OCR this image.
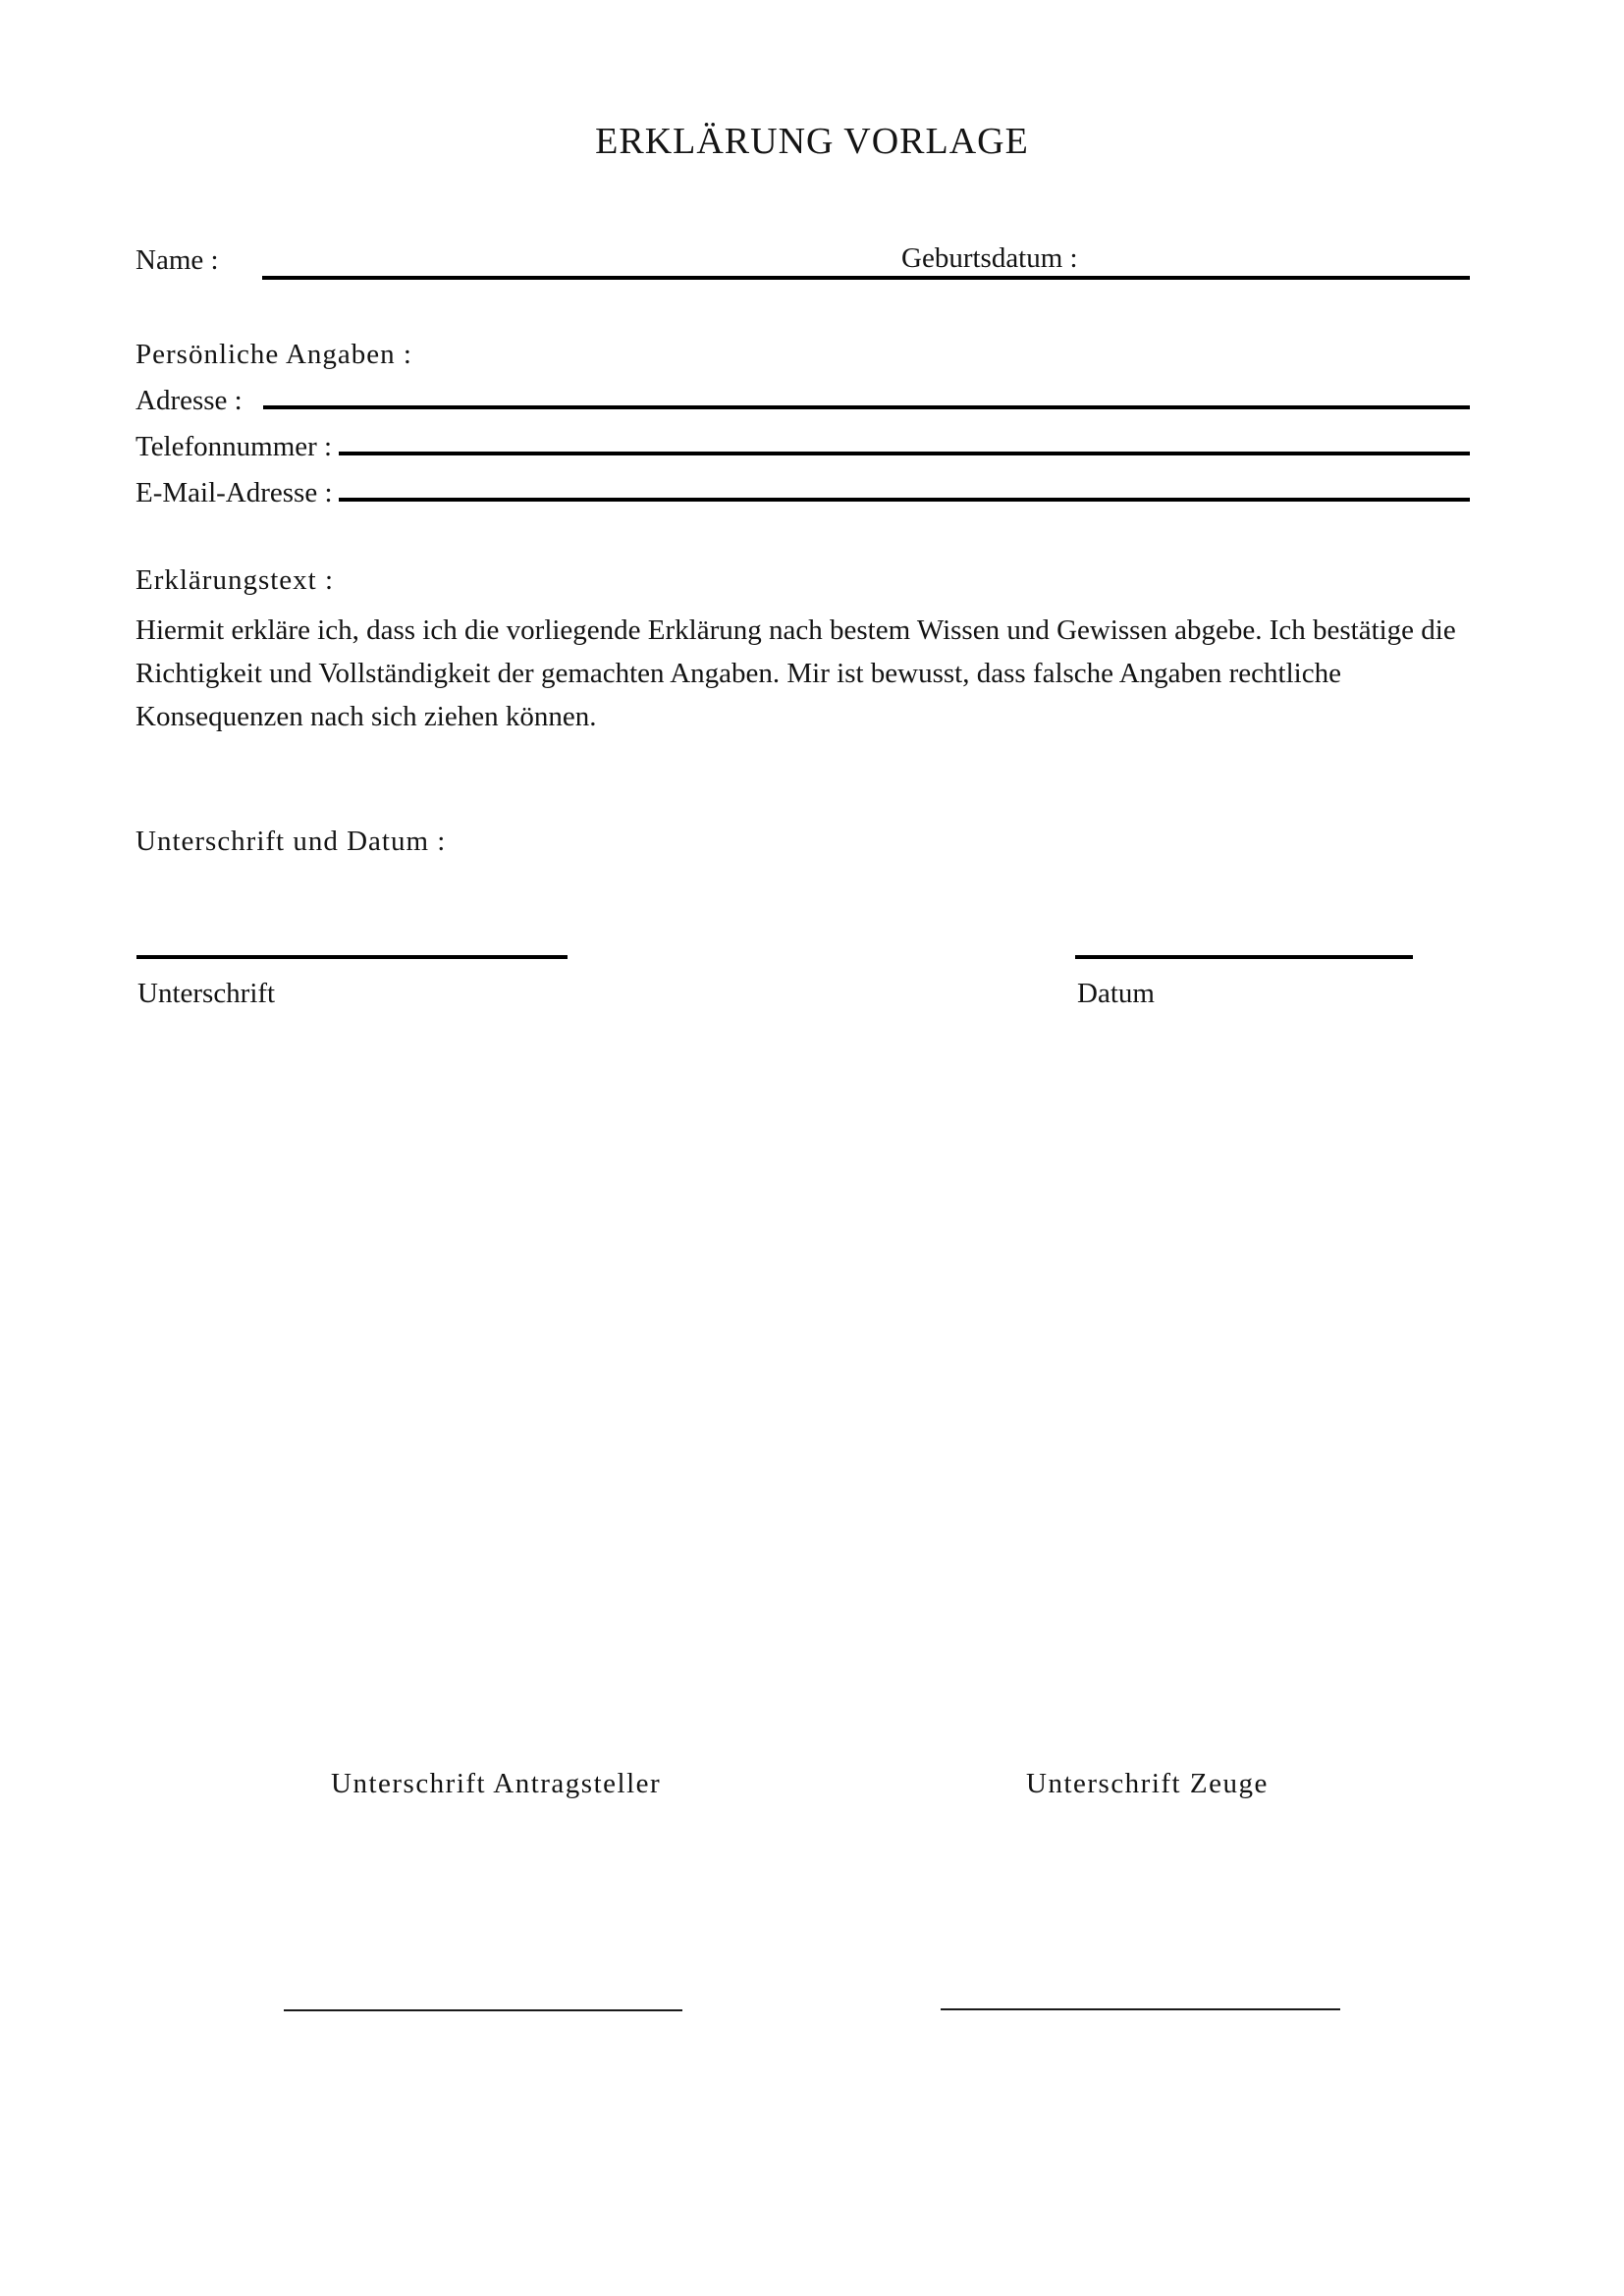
ERKLÄRUNG VORLAGE
Name :	Geburtsdatum :
Persönliche Angaben :
Adresse :
Telefonnummer :
E-Mail-Adresse :
Erklärungstext :
Hiermit erkläre ich, dass ich die vorliegende Erklärung nach bestem Wissen und Gewissen abgebe. Ich bestätige die
Richtigkeit und Vollständigkeit der gemachten Angaben. Mir ist bewusst, dass falsche Angaben rechtliche
Konsequenzen nach sich ziehen können.
Unterschrift und Datum :
Unterschrift	Datum
Unterschrift Antragsteller	Unterschrift Zeuge
